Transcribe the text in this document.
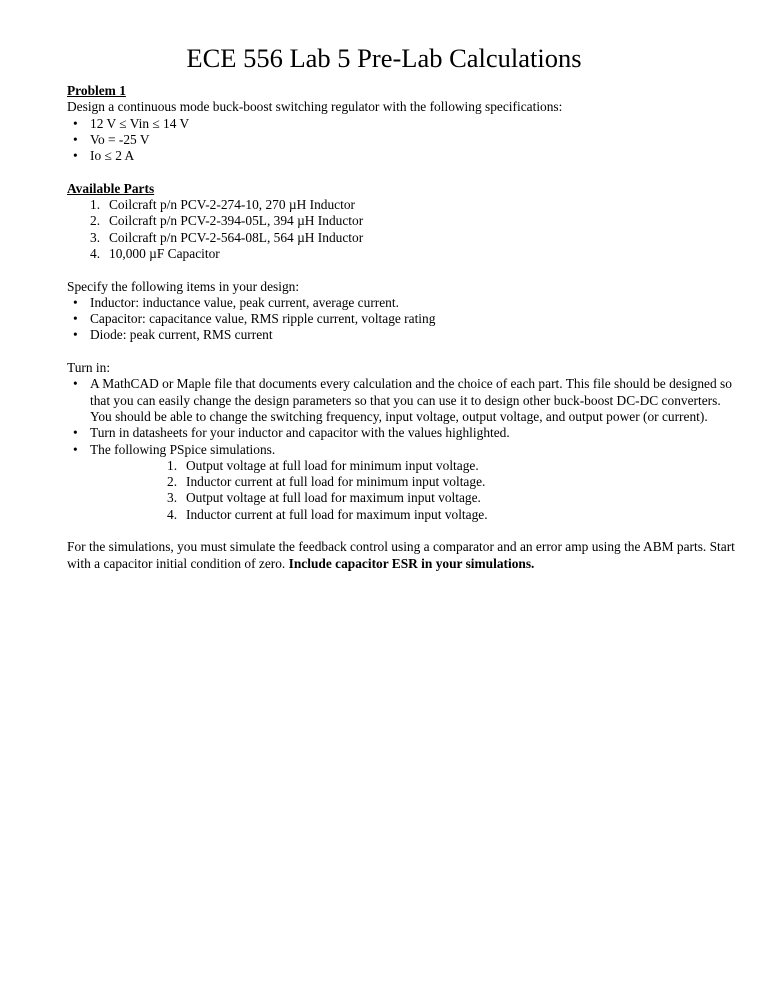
ECE 556 Lab 5 Pre-Lab Calculations
Problem 1
Design a continuous mode buck-boost switching regulator with the following specifications:
• 12 V ≤ Vin ≤ 14 V
• Vo = -25 V
• Io ≤ 2 A
Available Parts
1. Coilcraft p/n PCV-2-274-10, 270 µH Inductor
2. Coilcraft p/n PCV-2-394-05L, 394 µH Inductor
3. Coilcraft p/n PCV-2-564-08L, 564 µH Inductor
4. 10,000 µF Capacitor
Specify the following items in your design:
• Inductor: inductance value, peak current, average current.
• Capacitor: capacitance value, RMS ripple current, voltage rating
• Diode: peak current, RMS current
Turn in:
• A MathCAD or Maple file that documents every calculation and the choice of each part. This file should be designed so that you can easily change the design parameters so that you can use it to design other buck-boost DC-DC converters. You should be able to change the switching frequency, input voltage, output voltage, and output power (or current).
• Turn in datasheets for your inductor and capacitor with the values highlighted.
• The following PSpice simulations.
1. Output voltage at full load for minimum input voltage.
2. Inductor current at full load for minimum input voltage.
3. Output voltage at full load for maximum input voltage.
4. Inductor current at full load for maximum input voltage.
For the simulations, you must simulate the feedback control using a comparator and an error amp using the ABM parts. Start with a capacitor initial condition of zero. Include capacitor ESR in your simulations.
